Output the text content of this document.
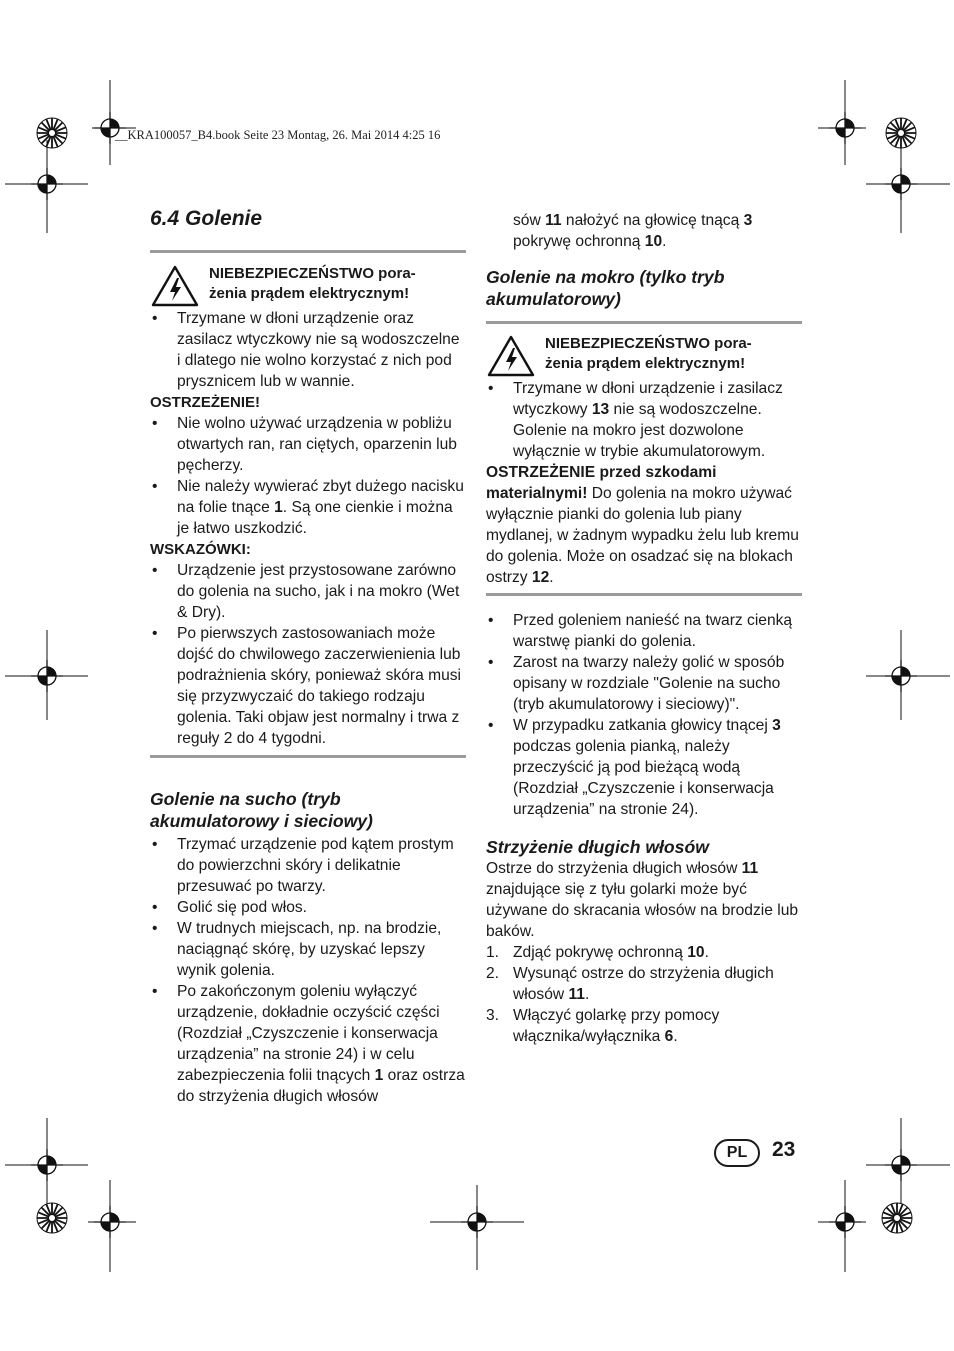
__KRA100057_B4.book Seite 23 Montag, 26. Mai 2014 4:25 16
6.4 Golenie
NIEBEZPIECZEŃSTWO pora-
żenia prądem elektrycznym!
• Trzymane w dłoni urządzenie oraz zasilacz wtyczkowy nie są wodoszczelne i dlatego nie wolno korzystać z nich pod prysznicem lub w wannie.
OSTRZEŻENIE!
• Nie wolno używać urządzenia w pobliżu otwartych ran, ran ciętych, oparzenin lub pęcherzy.
• Nie należy wywierać zbyt dużego nacisku na folie tnące 1. Są one cienkie i można je łatwo uszkodzić.
WSKAZÓWKI:
• Urządzenie jest przystosowane zarówno do golenia na sucho, jak i na mokro (Wet & Dry).
• Po pierwszych zastosowaniach może dojść do chwilowego zaczerwienienia lub podrażnienia skóry, ponieważ skóra musi się przyzwyczaić do takiego rodzaju golenia. Taki objaw jest normalny i trwa z reguły 2 do 4 tygodni.
Golenie na sucho (tryb akumulatorowy i sieciowy)
• Trzymać urządzenie pod kątem prostym do powierzchni skóry i delikatnie przesuwać po twarzy.
• Golić się pod włos.
• W trudnych miejscach, np. na brodzie, naciągnąć skórę, by uzyskać lepszy wynik golenia.
• Po zakończonym goleniu wyłączyć urządzenie, dokładnie oczyścić części (Rozdział „Czyszczenie i konserwacja urządzenia” na stronie 24) i w celu zabezpieczenia folii tnących 1 oraz ostrza do strzyżenia długich włosów

sów 11 nałożyć na głowicę tnącą 3 pokrywę ochronną 10.

Golenie na mokro (tylko tryb akumulatorowy)
NIEBEZPIECZEŃSTWO pora-
żenia prądem elektrycznym!
• Trzymane w dłoni urządzenie i zasilacz wtyczkowy 13 nie są wodoszczelne. Golenie na mokro jest dozwolone wyłącznie w trybie akumulatorowym.

OSTRZEŻENIE przed szkodami materialnymi! Do golenia na mokro używać wyłącznie pianki do golenia lub piany mydlanej, w żadnym wypadku żelu lub kremu do golenia. Może on osadzać się na blokach ostrzy 12.

• Przed goleniem nanieść na twarz cienką warstwę pianki do golenia.
• Zarost na twarzy należy golić w sposób opisany w rozdziale "Golenie na sucho (tryb akumulatorowy i sieciowy)".
• W przypadku zatkania głowicy tnącej 3 podczas golenia pianką, należy przeczyścić ją pod bieżącą wodą (Rozdział „Czyszczenie i konserwacja urządzenia” na stronie 24).
Strzyżenie długich włosów

Ostrze do strzyżenia długich włosów 11 znajdujące się z tyłu golarki może być używane do skracania włosów na brodzie lub baków.

1. Zdjąć pokrywę ochronną 10.
2. Wysunąć ostrze do strzyżenia długich włosów 11.
3. Włączyć golarkę przy pomocy włącznika/wyłącznika 6.
PL	23
